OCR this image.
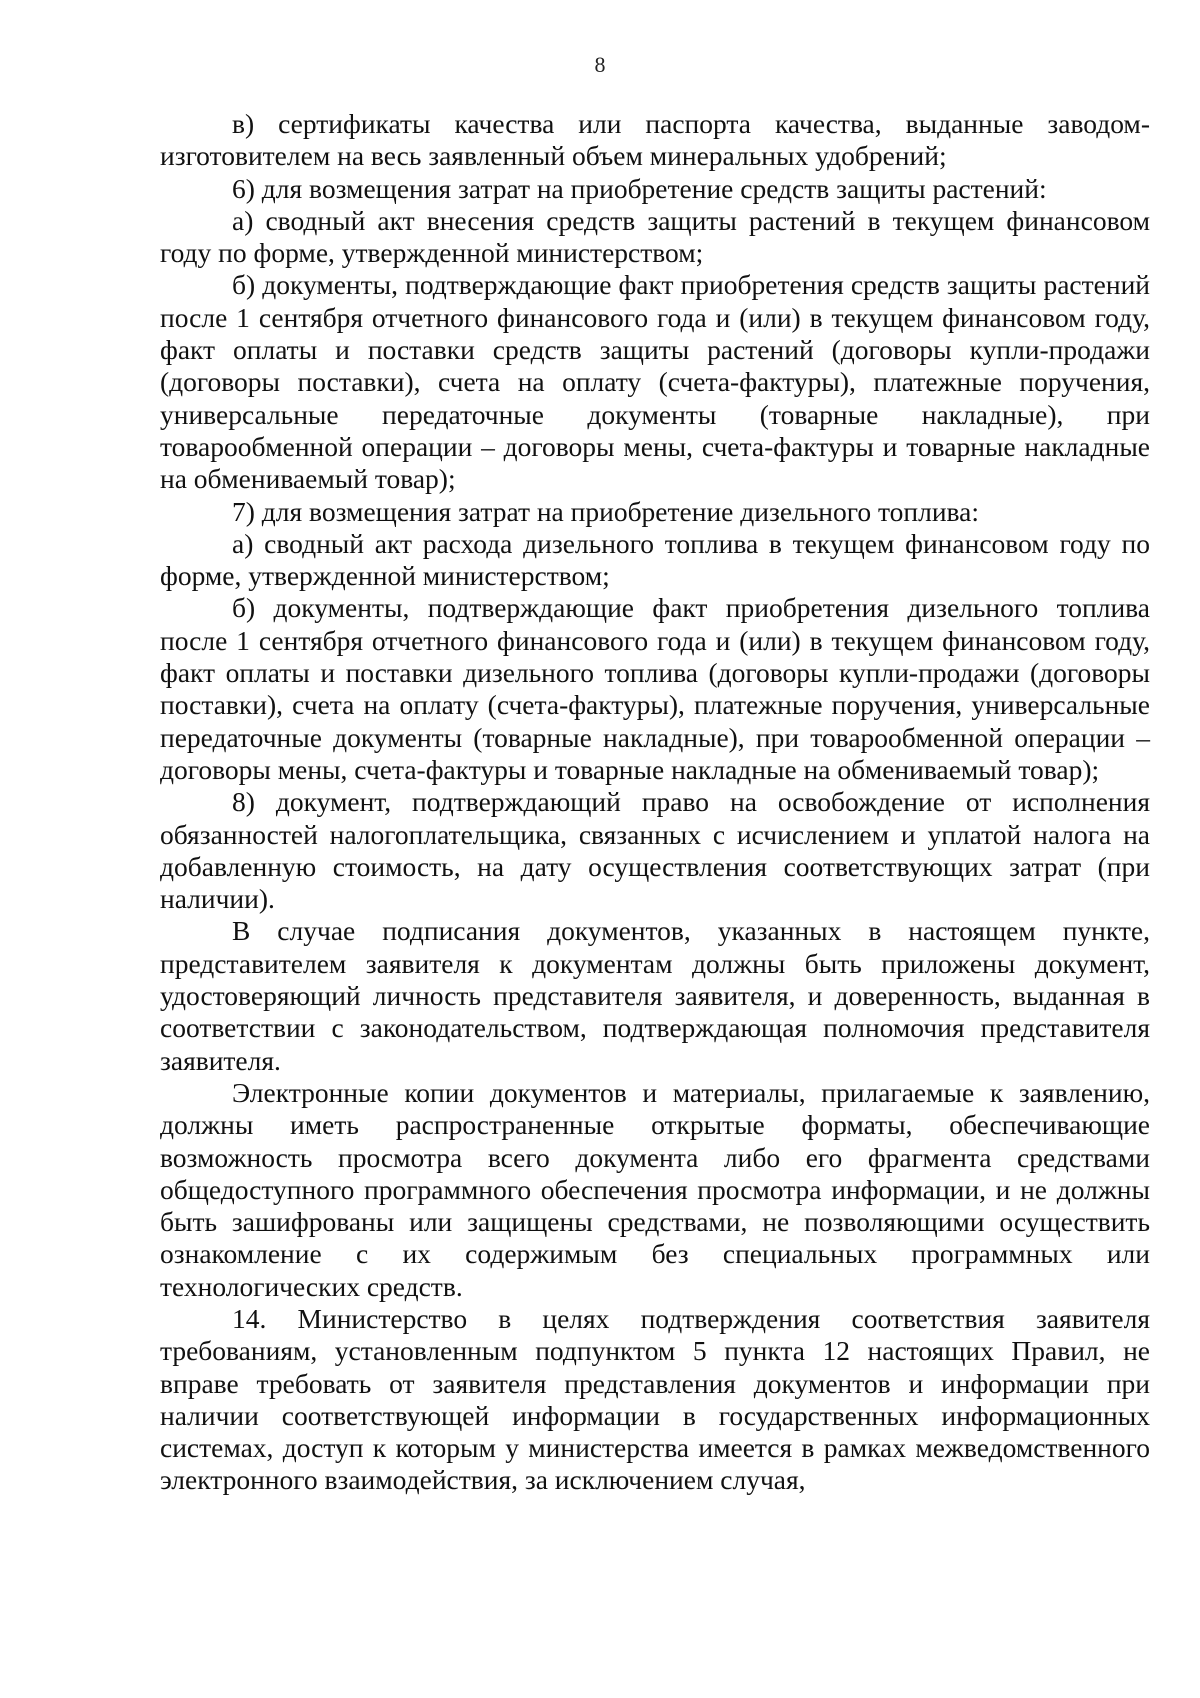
8

в) сертификаты качества или паспорта качества, выданные заводом-изготовителем на весь заявленный объем минеральных удобрений;

6) для возмещения затрат на приобретение средств защиты растений:

а) сводный акт внесения средств защиты растений в текущем финансовом году по форме, утвержденной министерством;

б) документы, подтверждающие факт приобретения средств защиты растений после 1 сентября отчетного финансового года и (или) в текущем финансовом году, факт оплаты и поставки средств защиты растений (договоры купли-продажи (договоры поставки), счета на оплату (счета-фактуры), платежные поручения, универсальные передаточные документы (товарные накладные), при товарообменной операции – договоры мены, счета-фактуры и товарные накладные на обмениваемый товар);

7) для возмещения затрат на приобретение дизельного топлива:

а) сводный акт расхода дизельного топлива в текущем финансовом году по форме, утвержденной министерством;

б) документы, подтверждающие факт приобретения дизельного топлива после 1 сентября отчетного финансового года и (или) в текущем финансовом году, факт оплаты и поставки дизельного топлива (договоры купли-продажи (договоры поставки), счета на оплату (счета-фактуры), платежные поручения, универсальные передаточные документы (товарные накладные), при товарообменной операции – договоры мены, счета-фактуры и товарные накладные на обмениваемый товар);

8) документ, подтверждающий право на освобождение от исполнения обязанностей налогоплательщика, связанных с исчислением и уплатой налога на добавленную стоимость, на дату осуществления соответствующих затрат (при наличии).

В случае подписания документов, указанных в настоящем пункте, представителем заявителя к документам должны быть приложены документ, удостоверяющий личность представителя заявителя, и доверенность, выданная в соответствии с законодательством, подтверждающая полномочия представителя заявителя.

Электронные копии документов и материалы, прилагаемые к заявлению, должны иметь распространенные открытые форматы, обеспечивающие возможность просмотра всего документа либо его фрагмента средствами общедоступного программного обеспечения просмотра информации, и не должны быть зашифрованы или защищены средствами, не позволяющими осуществить ознакомление с их содержимым без специальных программных или технологических средств.

14. Министерство в целях подтверждения соответствия заявителя требованиям, установленным подпунктом 5 пункта 12 настоящих Правил, не вправе требовать от заявителя представления документов и информации при наличии соответствующей информации в государственных информационных системах, доступ к которым у министерства имеется в рамках межведомственного электронного взаимодействия, за исключением случая,
